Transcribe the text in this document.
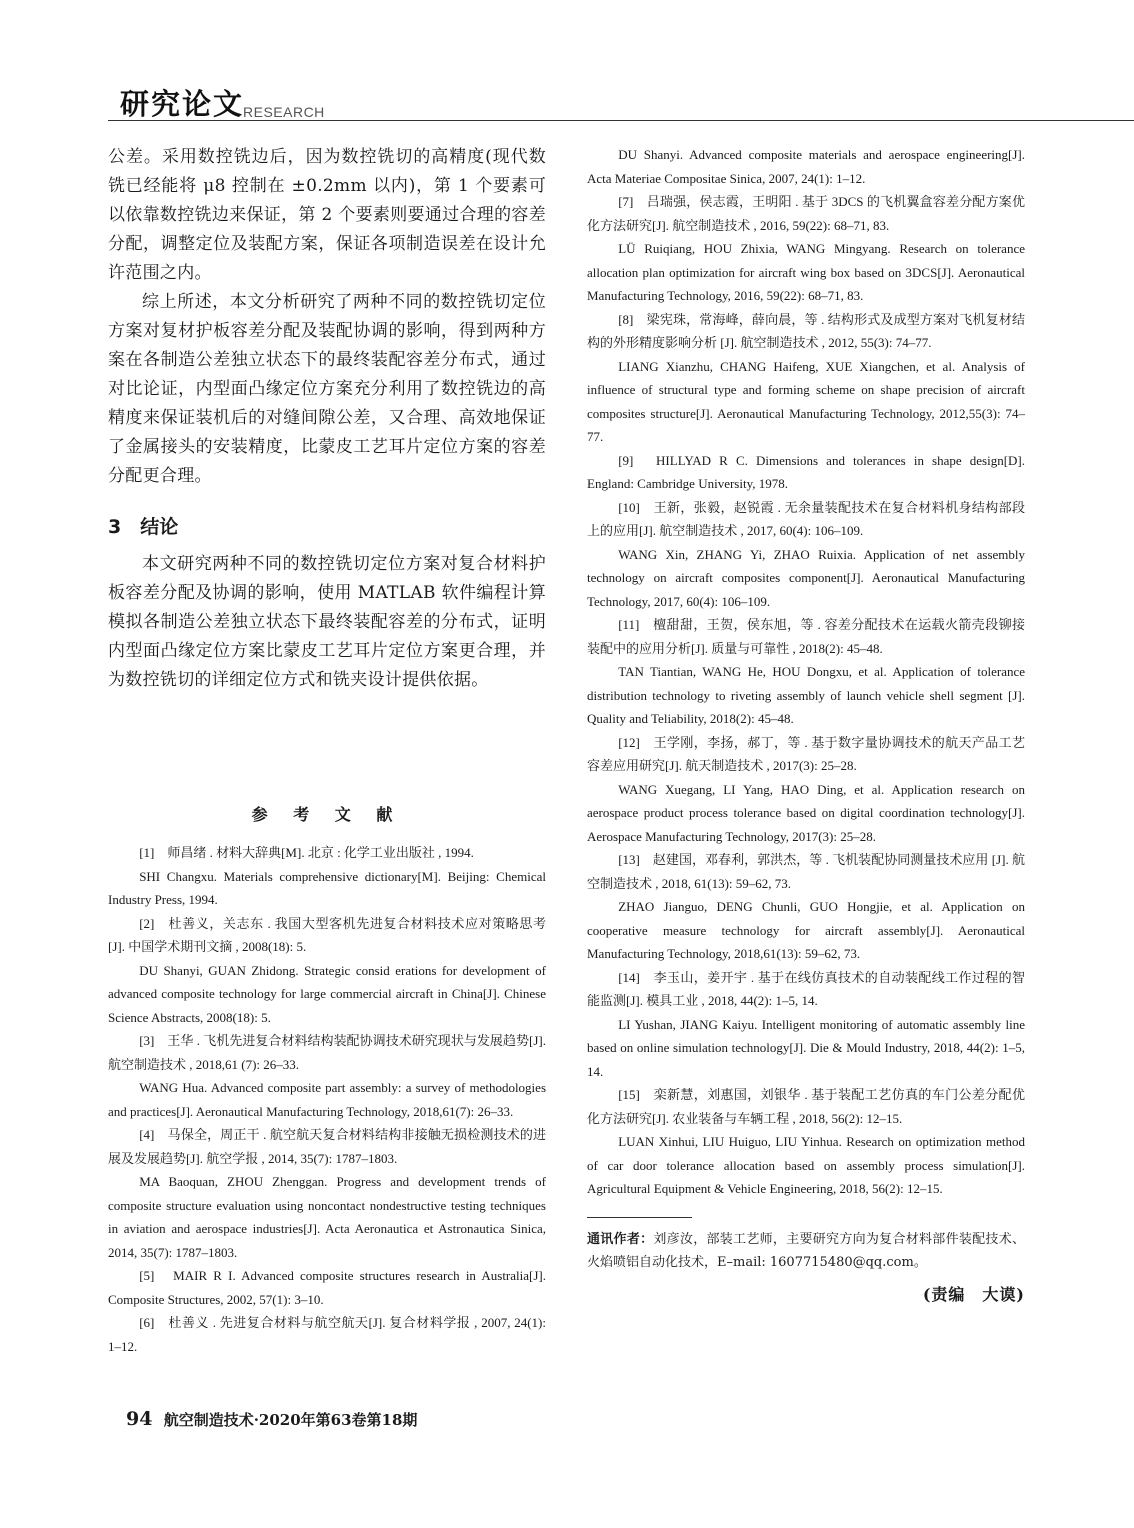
研究论文
RESEARCH

公差。采用数控铣边后，因为数控铣切的高精度(现代数铣已经能将 μ8 控制在 ±0.2mm 以内)，第 1 个要素可以依靠数控铣边来保证，第 2 个要素则要通过合理的容差分配，调整定位及装配方案，保证各项制造误差在设计允许范围之内。

综上所述，本文分析研究了两种不同的数控铣切定位方案对复材护板容差分配及装配协调的影响，得到两种方案在各制造公差独立状态下的最终装配容差分布式，通过对比论证，内型面凸缘定位方案充分利用了数控铣边的高精度来保证装机后的对缝间隙公差，又合理、高效地保证了金属接头的安装精度，比蒙皮工艺耳片定位方案的容差分配更合理。

3　结论

本文研究两种不同的数控铣切定位方案对复合材料护板容差分配及协调的影响，使用 MATLAB 软件编程计算模拟各制造公差独立状态下最终装配容差的分布式，证明内型面凸缘定位方案比蒙皮工艺耳片定位方案更合理，并为数控铣切的详细定位方式和铣夹设计提供依据。

参 考 文 献

[1]　师昌绪 . 材料大辞典[M]. 北京 : 化学工业出版社 , 1994.

SHI Changxu. Materials comprehensive dictionary[M]. Beijing: Chemical Industry Press, 1994.

[2]　杜善义，关志东 . 我国大型客机先进复合材料技术应对策略思考 [J]. 中国学术期刊文摘 , 2008(18): 5.

DU Shanyi, GUAN Zhidong. Strategic consid erations for development of advanced composite technology for large commercial aircraft in China[J]. Chinese Science Abstracts, 2008(18): 5.

[3]　王华 . 飞机先进复合材料结构装配协调技术研究现状与发展趋势[J]. 航空制造技术 , 2018,61 (7): 26–33.

WANG Hua. Advanced composite part assembly: a survey of methodologies and practices[J]. Aeronautical Manufacturing Technology, 2018,61(7): 26–33.

[4]　马保全，周正干 . 航空航天复合材料结构非接触无损检测技术的进展及发展趋势[J]. 航空学报 , 2014, 35(7): 1787–1803.

MA Baoquan, ZHOU Zhenggan. Progress and development trends of composite structure evaluation using noncontact nondestructive testing techniques in aviation and aerospace industries[J]. Acta Aeronautica et Astronautica Sinica, 2014, 35(7): 1787–1803.

[5]　MAIR R I. Advanced composite structures research in Australia[J]. Composite Structures, 2002, 57(1): 3–10.

[6]　杜善义 . 先进复合材料与航空航天[J]. 复合材料学报 , 2007, 24(1): 1–12.

DU Shanyi. Advanced composite materials and aerospace engineering[J]. Acta Materiae Compositae Sinica, 2007, 24(1): 1–12.

[7]　吕瑞强，侯志霞，王明阳 . 基于 3DCS 的飞机翼盒容差分配方案优化方法研究[J]. 航空制造技术 , 2016, 59(22): 68–71, 83.

LÜ Ruiqiang, HOU Zhixia, WANG Mingyang. Research on tolerance allocation plan optimization for aircraft wing box based on 3DCS[J]. Aeronautical Manufacturing Technology, 2016, 59(22): 68–71, 83.

[8]　梁宪珠，常海峰，薛向晨，等 . 结构形式及成型方案对飞机复材结构的外形精度影响分析 [J]. 航空制造技术 , 2012, 55(3): 74–77.

LIANG Xianzhu, CHANG Haifeng, XUE Xiangchen, et al. Analysis of influence of structural type and forming scheme on shape precision of aircraft composites structure[J]. Aeronautical Manufacturing Technology, 2012,55(3): 74–77.

[9]　HILLYAD R C. Dimensions and tolerances in shape design[D]. England: Cambridge University, 1978.

[10]　王新，张毅，赵锐霞 . 无余量装配技术在复合材料机身结构部段上的应用[J]. 航空制造技术 , 2017, 60(4): 106–109.

WANG Xin, ZHANG Yi, ZHAO Ruixia. Application of net assembly technology on aircraft composites component[J]. Aeronautical Manufacturing Technology, 2017, 60(4): 106–109.

[11]　檀甜甜，王贺，侯东旭，等 . 容差分配技术在运载火箭壳段铆接装配中的应用分析[J]. 质量与可靠性 , 2018(2): 45–48.

TAN Tiantian, WANG He, HOU Dongxu, et al. Application of tolerance distribution technology to riveting assembly of launch vehicle shell segment [J]. Quality and Teliability, 2018(2): 45–48.

[12]　王学刚，李扬，郝丁，等 . 基于数字量协调技术的航天产品工艺容差应用研究[J]. 航天制造技术 , 2017(3): 25–28.

WANG Xuegang, LI Yang, HAO Ding, et al. Application research on aerospace product process tolerance based on digital coordination technology[J]. Aerospace Manufacturing Technology, 2017(3): 25–28.

[13]　赵建国，邓春利，郭洪杰，等 . 飞机装配协同测量技术应用 [J]. 航空制造技术 , 2018, 61(13): 59–62, 73.

ZHAO Jianguo, DENG Chunli, GUO Hongjie, et al. Application on cooperative measure technology for aircraft assembly[J]. Aeronautical Manufacturing Technology, 2018,61(13): 59–62, 73.

[14]　李玉山，姜开宇 . 基于在线仿真技术的自动装配线工作过程的智能监测[J]. 模具工业 , 2018, 44(2): 1–5, 14.

LI Yushan, JIANG Kaiyu. Intelligent monitoring of automatic assembly line based on online simulation technology[J]. Die & Mould Industry, 2018, 44(2): 1–5, 14.

[15]　栾新慧，刘惠国，刘银华 . 基于装配工艺仿真的车门公差分配优化方法研究[J]. 农业装备与车辆工程 , 2018, 56(2): 12–15.

LUAN Xinhui, LIU Huiguo, LIU Yinhua. Research on optimization method of car door tolerance allocation based on assembly process simulation[J]. Agricultural Equipment & Vehicle Engineering, 2018, 56(2): 12–15.

通讯作者：刘彦汝，部装工艺师，主要研究方向为复合材料部件装配技术、火焰喷铝自动化技术，E–mail: 1607715480@qq.com。

(责编　大谟)
94 航空制造技术·2020年第63卷第18期
